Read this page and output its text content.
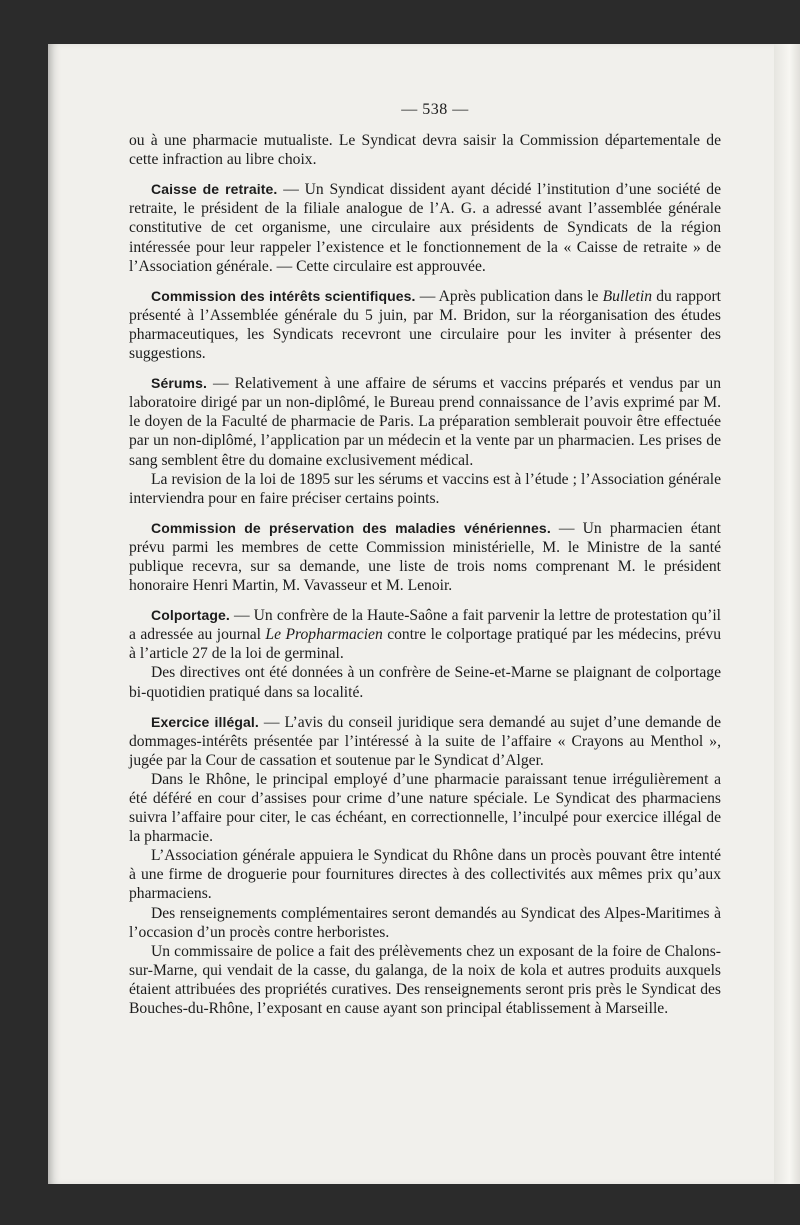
— 538 —

ou à une pharmacie mutualiste. Le Syndicat devra saisir la Commission départementale de cette infraction au libre choix.

Caisse de retraite. — Un Syndicat dissident ayant décidé l’institution d’une société de retraite, le président de la filiale analogue de l’A. G. a adressé avant l’assemblée générale constitutive de cet organisme, une circulaire aux présidents de Syndicats de la région intéressée pour leur rappeler l’existence et le fonctionnement de la « Caisse de retraite » de l’Association générale. — Cette circulaire est approuvée.

Commission des intérêts scientifiques. — Après publication dans le Bulletin du rapport présenté à l’Assemblée générale du 5 juin, par M. Bridon, sur la réorganisation des études pharmaceutiques, les Syndicats recevront une circulaire pour les inviter à présenter des suggestions.

Sérums. — Relativement à une affaire de sérums et vaccins préparés et vendus par un laboratoire dirigé par un non-diplômé, le Bureau prend connaissance de l’avis exprimé par M. le doyen de la Faculté de pharmacie de Paris. La préparation semblerait pouvoir être effectuée par un non-diplômé, l’application par un médecin et la vente par un pharmacien. Les prises de sang semblent être du domaine exclusivement médical.

La revision de la loi de 1895 sur les sérums et vaccins est à l’étude ; l’Association générale interviendra pour en faire préciser certains points.

Commission de préservation des maladies vénériennes. — Un pharmacien étant prévu parmi les membres de cette Commission ministérielle, M. le Ministre de la santé publique recevra, sur sa demande, une liste de trois noms comprenant M. le président honoraire Henri Martin, M. Vavasseur et M. Lenoir.

Colportage. — Un confrère de la Haute-Saône a fait parvenir la lettre de protestation qu’il a adressée au journal Le Propharmacien contre le colportage pratiqué par les médecins, prévu à l’article 27 de la loi de germinal.

Des directives ont été données à un confrère de Seine-et-Marne se plaignant de colportage bi-quotidien pratiqué dans sa localité.

Exercice illégal. — L’avis du conseil juridique sera demandé au sujet d’une demande de dommages-intérêts présentée par l’intéressé à la suite de l’affaire « Crayons au Menthol », jugée par la Cour de cassation et soutenue par le Syndicat d’Alger.

Dans le Rhône, le principal employé d’une pharmacie paraissant tenue irrégulièrement a été déféré en cour d’assises pour crime d’une nature spéciale. Le Syndicat des pharmaciens suivra l’affaire pour citer, le cas échéant, en correctionnelle, l’inculpé pour exercice illégal de la pharmacie.

L’Association générale appuiera le Syndicat du Rhône dans un procès pouvant être intenté à une firme de droguerie pour fournitures directes à des collectivités aux mêmes prix qu’aux pharmaciens.

Des renseignements complémentaires seront demandés au Syndicat des Alpes-Maritimes à l’occasion d’un procès contre herboristes.

Un commissaire de police a fait des prélèvements chez un exposant de la foire de Chalons-sur-Marne, qui vendait de la casse, du galanga, de la noix de kola et autres produits auxquels étaient attribuées des propriétés curatives. Des renseignements seront pris près le Syndicat des Bouches-du-Rhône, l’exposant en cause ayant son principal établissement à Marseille.
